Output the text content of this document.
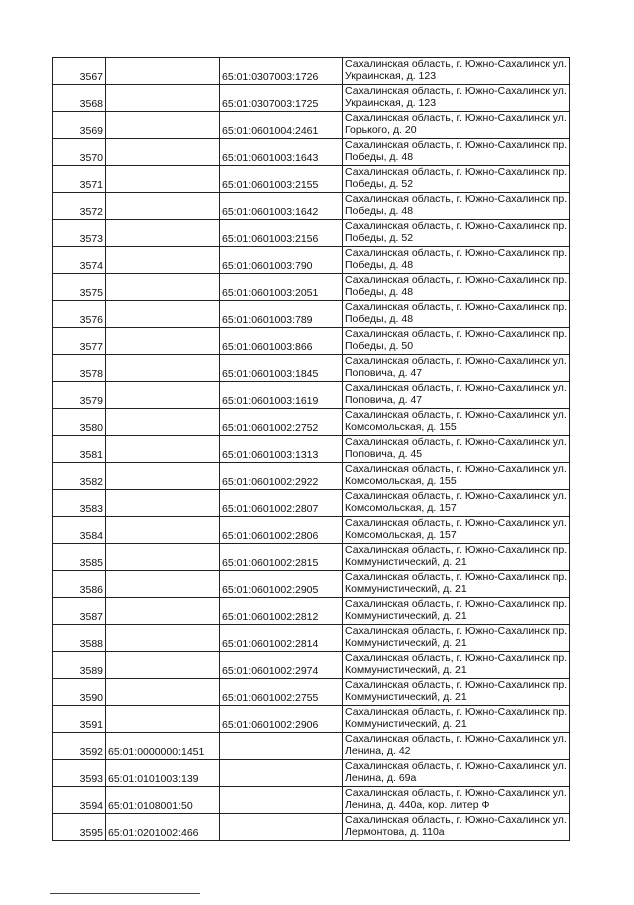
3567		65:01:0307003:1726	Сахалинская область, г. Южно-Сахалинск ул.
Украинская, д. 123

3568		65:01:0307003:1725	Сахалинская область, г. Южно-Сахалинск ул.
Украинская, д. 123

3569		65:01:0601004:2461	Сахалинская область, г. Южно-Сахалинск ул.
Горького, д. 20

3570		65:01:0601003:1643	Сахалинская область, г. Южно-Сахалинск пр.
Победы, д. 48

3571		65:01:0601003:2155	Сахалинская область, г. Южно-Сахалинск пр.
Победы, д. 52

3572		65:01:0601003:1642	Сахалинская область, г. Южно-Сахалинск пр.
Победы, д. 48

3573		65:01:0601003:2156	Сахалинская область, г. Южно-Сахалинск пр.
Победы, д. 52

3574		65:01:0601003:790	Сахалинская область, г. Южно-Сахалинск пр.
Победы, д. 48

3575		65:01:0601003:2051	Сахалинская область, г. Южно-Сахалинск пр.
Победы, д. 48

3576		65:01:0601003:789	Сахалинская область, г. Южно-Сахалинск пр.
Победы, д. 48

3577		65:01:0601003:866	Сахалинская область, г. Южно-Сахалинск пр.
Победы, д. 50

3578		65:01:0601003:1845	Сахалинская область, г. Южно-Сахалинск ул.
Поповича, д. 47

3579		65:01:0601003:1619	Сахалинская область, г. Южно-Сахалинск ул.
Поповича, д. 47

3580		65:01:0601002:2752	Сахалинская область, г. Южно-Сахалинск ул.
Комсомольская, д. 155

3581		65:01:0601003:1313	Сахалинская область, г. Южно-Сахалинск ул.
Поповича, д. 45

3582		65:01:0601002:2922	Сахалинская область, г. Южно-Сахалинск ул.
Комсомольская, д. 155

3583		65:01:0601002:2807	Сахалинская область, г. Южно-Сахалинск ул.
Комсомольская, д. 157

3584		65:01:0601002:2806	Сахалинская область, г. Южно-Сахалинск ул.
Комсомольская, д. 157

3585		65:01:0601002:2815	Сахалинская область, г. Южно-Сахалинск пр.
Коммунистический, д. 21

3586		65:01:0601002:2905	Сахалинская область, г. Южно-Сахалинск пр.
Коммунистический, д. 21

3587		65:01:0601002:2812	Сахалинская область, г. Южно-Сахалинск пр.
Коммунистический, д. 21

3588		65:01:0601002:2814	Сахалинская область, г. Южно-Сахалинск пр.
Коммунистический, д. 21

3589		65:01:0601002:2974	Сахалинская область, г. Южно-Сахалинск пр.
Коммунистический, д. 21

3590		65:01:0601002:2755	Сахалинская область, г. Южно-Сахалинск пр.
Коммунистический, д. 21

3591		65:01:0601002:2906	Сахалинская область, г. Южно-Сахалинск пр.
Коммунистический, д. 21

3592	65:01:0000000:1451		Сахалинская область, г. Южно-Сахалинск ул.
Ленина, д. 42

3593	65:01:0101003:139		Сахалинская область, г. Южно-Сахалинск ул.
Ленина, д. 69а

3594	65:01:0108001:50		Сахалинская область, г. Южно-Сахалинск ул.
Ленина, д. 440а, кор. литер Ф

3595	65:01:0201002:466		Сахалинская область, г. Южно-Сахалинск ул.
Лермонтова, д. 110а
